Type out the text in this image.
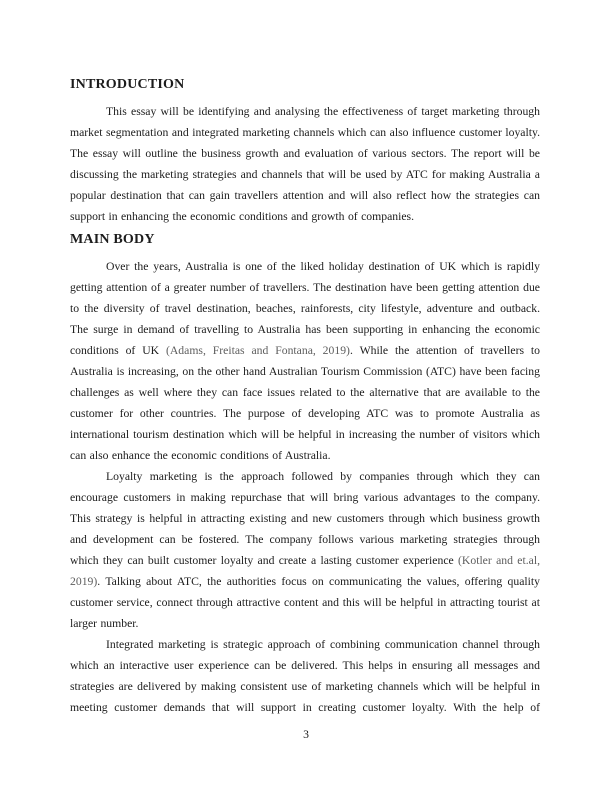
INTRODUCTION

This essay will be identifying and analysing the effectiveness of target marketing through market segmentation and integrated marketing channels which can also influence customer loyalty. The essay will outline the business growth and evaluation of various sectors. The report will be discussing the marketing strategies and channels that will be used by ATC for making Australia a popular destination that can gain travellers attention and will also reflect how the strategies can support in enhancing the economic conditions and growth of companies.

MAIN BODY

Over the years, Australia is one of the liked holiday destination of UK which is rapidly getting attention of a greater number of travellers. The destination have been getting attention due to the diversity of travel destination, beaches, rainforests, city lifestyle, adventure and outback. The surge in demand of travelling to Australia has been supporting in enhancing the economic conditions of UK (Adams, Freitas and Fontana, 2019). While the attention of travellers to Australia is increasing, on the other hand Australian Tourism Commission (ATC) have been facing challenges as well where they can face issues related to the alternative that are available to the customer for other countries. The purpose of developing ATC was to promote Australia as international tourism destination which will be helpful in increasing the number of visitors which can also enhance the economic conditions of Australia.

Loyalty marketing is the approach followed by companies through which they can encourage customers in making repurchase that will bring various advantages to the company. This strategy is helpful in attracting existing and new customers through which business growth and development can be fostered. The company follows various marketing strategies through which they can built customer loyalty and create a lasting customer experience (Kotler and et.al, 2019). Talking about ATC, the authorities focus on communicating the values, offering quality customer service, connect through attractive content and this will be helpful in attracting tourist at larger number.

Integrated marketing is strategic approach of combining communication channel through which an interactive user experience can be delivered. This helps in ensuring all messages and strategies are delivered by making consistent use of marketing channels which will be helpful in meeting customer demands that will support in creating customer loyalty. With the help of

3
